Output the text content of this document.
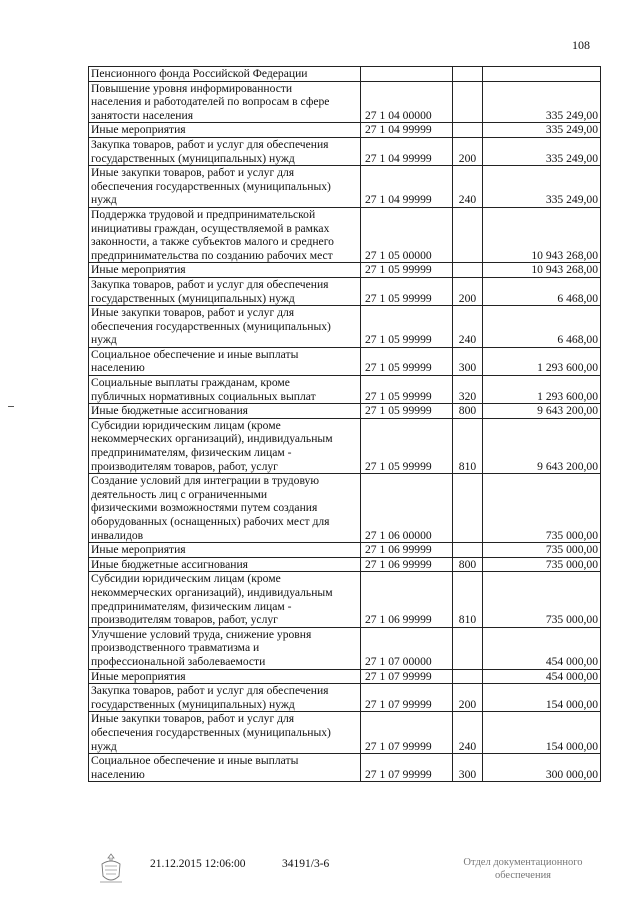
108
Пенсионного фонда Российской Федерации			
Повышение уровня информированности
населения и работодателей по вопросам в сфере
занятости населения	27 1 04 00000		335 249,00
Иные мероприятия	27 1 04 99999		335 249,00
Закупка товаров, работ и услуг для обеспечения
государственных (муниципальных) нужд	27 1 04 99999	200	335 249,00
Иные закупки товаров, работ и услуг для
обеспечения государственных (муниципальных)
нужд	27 1 04 99999	240	335 249,00
Поддержка трудовой и предпринимательской
инициативы граждан, осуществляемой в рамках
законности, а также субъектов малого и среднего
предпринимательства по созданию рабочих мест	27 1 05 00000		10 943 268,00
Иные мероприятия	27 1 05 99999		10 943 268,00
Закупка товаров, работ и услуг для обеспечения
государственных (муниципальных) нужд	27 1 05 99999	200	6 468,00
Иные закупки товаров, работ и услуг для
обеспечения государственных (муниципальных)
нужд	27 1 05 99999	240	6 468,00
Социальное обеспечение и иные выплаты
населению	27 1 05 99999	300	1 293 600,00
Социальные выплаты гражданам, кроме
публичных нормативных социальных выплат	27 1 05 99999	320	1 293 600,00
Иные бюджетные ассигнования	27 1 05 99999	800	9 643 200,00
Субсидии юридическим лицам (кроме
некоммерческих организаций), индивидуальным
предпринимателям, физическим лицам -
производителям товаров, работ, услуг	27 1 05 99999	810	9 643 200,00
Создание условий для интеграции в трудовую
деятельность лиц с ограниченными
физическими возможностями путем создания
оборудованных (оснащенных) рабочих мест для
инвалидов	27 1 06 00000		735 000,00
Иные мероприятия	27 1 06 99999		735 000,00
Иные бюджетные ассигнования	27 1 06 99999	800	735 000,00
Субсидии юридическим лицам (кроме
некоммерческих организаций), индивидуальным
предпринимателям, физическим лицам -
производителям товаров, работ, услуг	27 1 06 99999	810	735 000,00
Улучшение условий труда, снижение уровня
производственного травматизма и
профессиональной заболеваемости	27 1 07 00000		454 000,00
Иные мероприятия	27 1 07 99999		454 000,00
Закупка товаров, работ и услуг для обеспечения
государственных (муниципальных) нужд	27 1 07 99999	200	154 000,00
Иные закупки товаров, работ и услуг для
обеспечения государственных (муниципальных)
нужд	27 1 07 99999	240	154 000,00
Социальное обеспечение и иные выплаты
населению	27 1 07 99999	300	300 000,00
21.12.2015 12:06:00	34191/3-6	Отдел документационного
обеспечения
